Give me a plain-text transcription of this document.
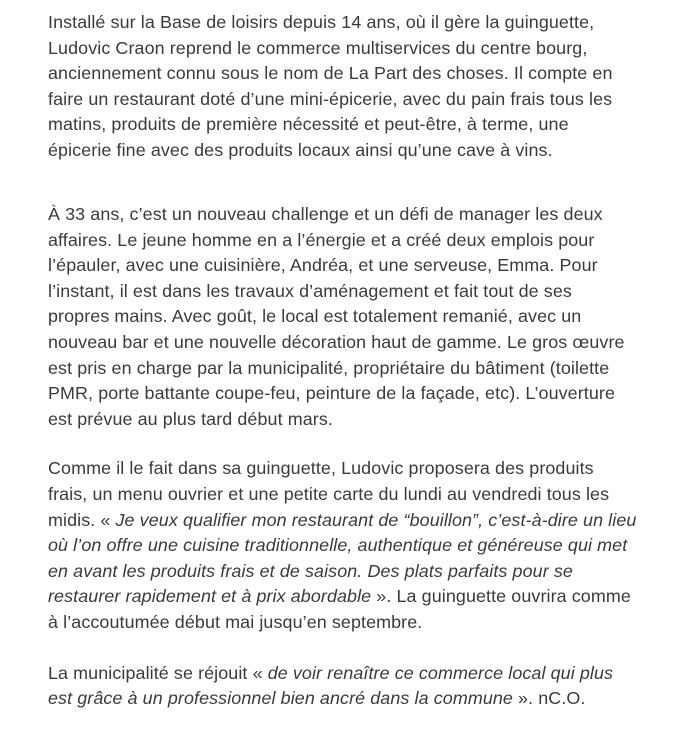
Installé sur la Base de loisirs depuis 14 ans, où il gère la guinguette,
Ludovic Craon reprend le commerce multiservices du centre bourg,
anciennement connu sous le nom de La Part des choses. Il compte en
faire un restaurant doté d’une mini-épicerie, avec du pain frais tous les
matins, produits de première nécessité et peut-être, à terme, une
épicerie fine avec des produits locaux ainsi qu’une cave à vins.

À 33 ans, c’est un nouveau challenge et un défi de manager les deux
affaires. Le jeune homme en a l’énergie et a créé deux emplois pour
l’épauler, avec une cuisinière, Andréa, et une serveuse, Emma. Pour
l’instant, il est dans les travaux d’aménagement et fait tout de ses
propres mains. Avec goût, le local est totalement remanié, avec un
nouveau bar et une nouvelle décoration haut de gamme. Le gros œuvre
est pris en charge par la municipalité, propriétaire du bâtiment (toilette
PMR, porte battante coupe-feu, peinture de la façade, etc). L’ouverture
est prévue au plus tard début mars.

Comme il le fait dans sa guinguette, Ludovic proposera des produits
frais, un menu ouvrier et une petite carte du lundi au vendredi tous les
midis. « Je veux qualifier mon restaurant de “bouillon”, c’est-à-dire un lieu
où l’on offre une cuisine traditionnelle, authentique et généreuse qui met
en avant les produits frais et de saison. Des plats parfaits pour se
restaurer rapidement et à prix abordable ». La guinguette ouvrira comme
à l’accoutumée début mai jusqu’en septembre.

La municipalité se réjouit « de voir renaître ce commerce local qui plus
est grâce à un professionnel bien ancré dans la commune ». nC.O.
